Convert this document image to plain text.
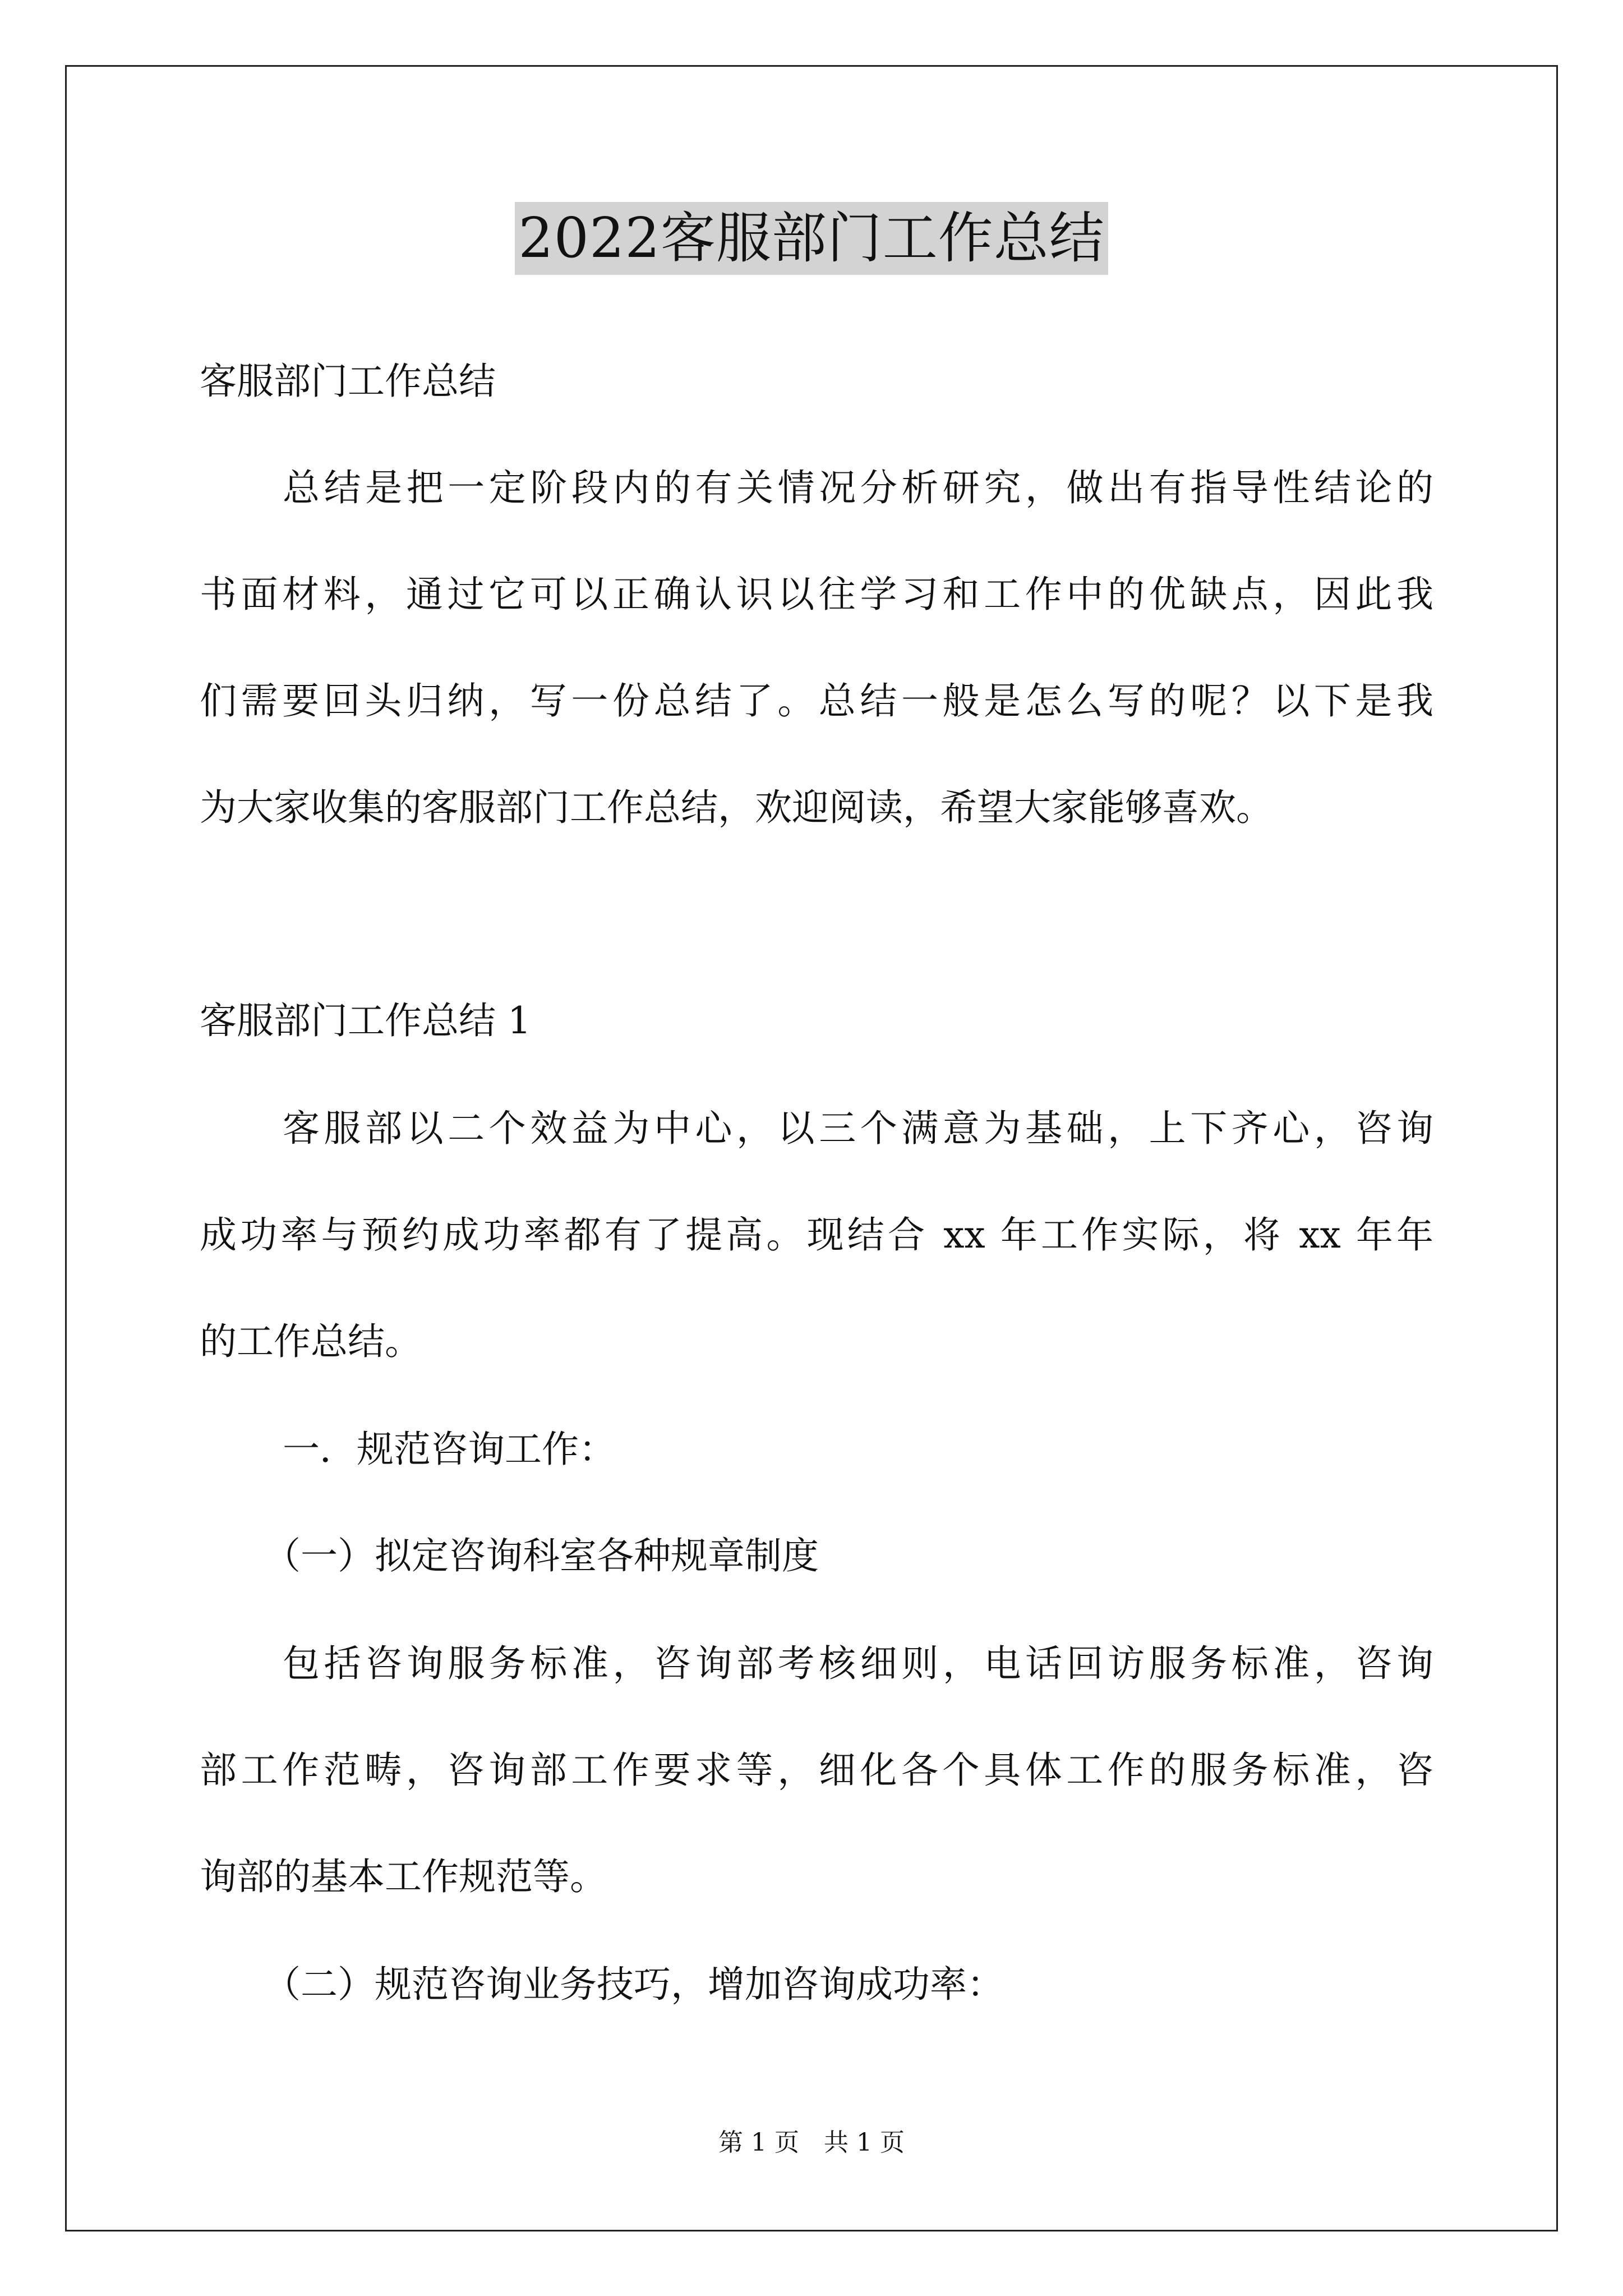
2022客服部门工作总结
客服部门工作总结
总结是把一定阶段内的有关情况分析研究，做出有指导性结论的
书面材料，通过它可以正确认识以往学习和工作中的优缺点，因此我
们需要回头归纳，写一份总结了。总结一般是怎么写的呢？以下是我
为大家收集的客服部门工作总结，欢迎阅读，希望大家能够喜欢。
客服部门工作总结 1
客服部以二个效益为中心，以三个满意为基础，上下齐心，咨询
成功率与预约成功率都有了提高。现结合 xx 年工作实际，将 xx 年年
的工作总结。
一．规范咨询工作：
（一）拟定咨询科室各种规章制度
包括咨询服务标准，咨询部考核细则，电话回访服务标准，咨询
部工作范畴，咨询部工作要求等，细化各个具体工作的服务标准，咨
询部的基本工作规范等。
（二）规范咨询业务技巧，增加咨询成功率：
第 1 页　共 1 页
